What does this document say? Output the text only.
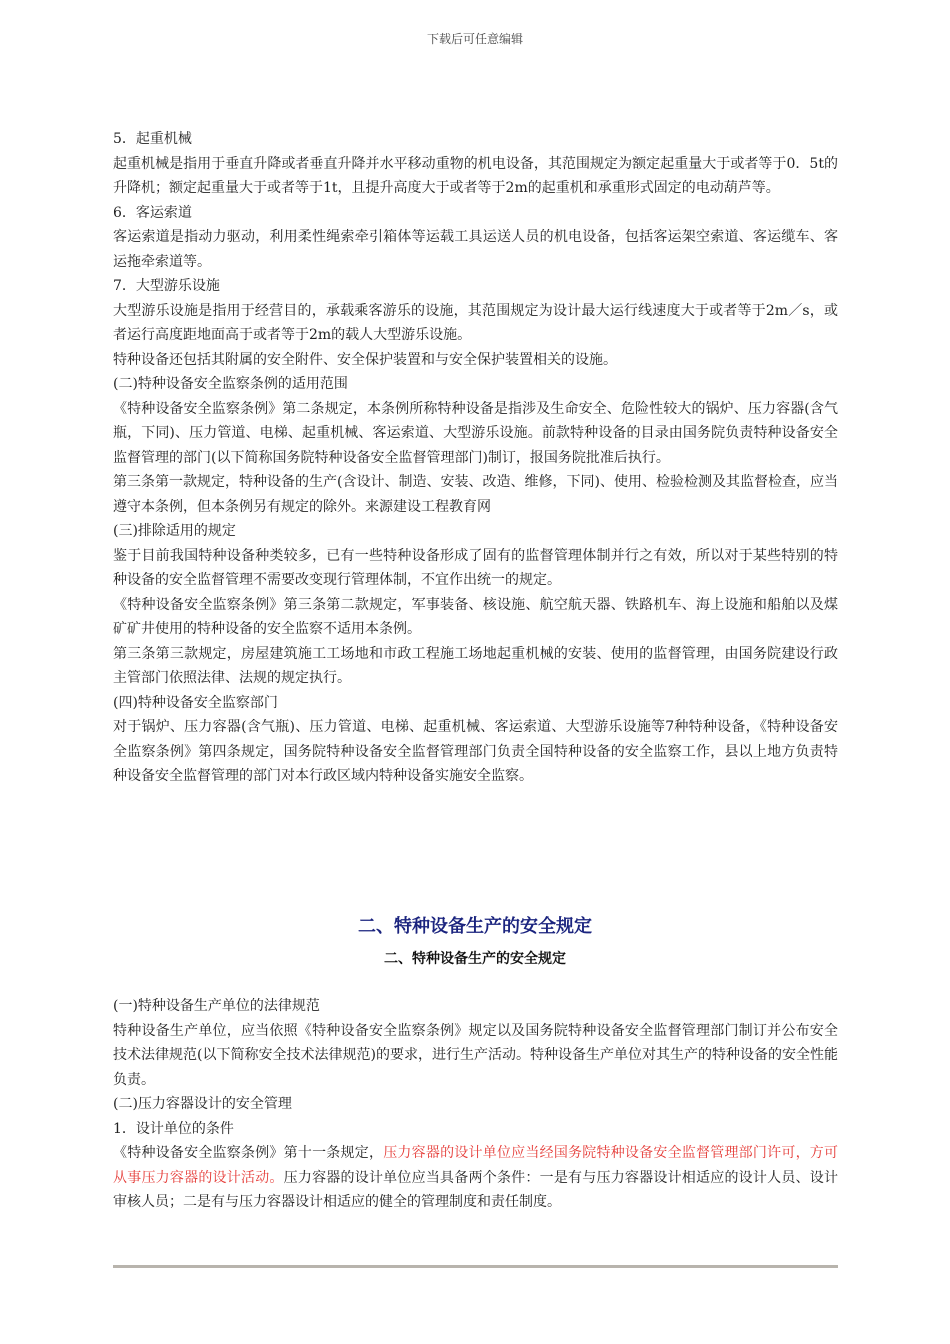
下载后可任意编辑

5．起重机械

起重机械是指用于垂直升降或者垂直升降并水平移动重物的机电设备，其范围规定为额定起重量大于或者等于0．5t的升降机；额定起重量大于或者等于1t，且提升高度大于或者等于2m的起重机和承重形式固定的电动葫芦等。

6．客运索道

客运索道是指动力驱动，利用柔性绳索牵引箱体等运载工具运送人员的机电设备，包括客运架空索道、客运缆车、客运拖牵索道等。

7．大型游乐设施

大型游乐设施是指用于经营目的，承载乘客游乐的设施，其范围规定为设计最大运行线速度大于或者等于2m／s，或者运行高度距地面高于或者等于2m的载人大型游乐设施。

特种设备还包括其附属的安全附件、安全保护装置和与安全保护装置相关的设施。

(二)特种设备安全监察条例的适用范围

《特种设备安全监察条例》第二条规定，本条例所称特种设备是指涉及生命安全、危险性较大的锅炉、压力容器(含气瓶，下同)、压力管道、电梯、起重机械、客运索道、大型游乐设施。前款特种设备的目录由国务院负责特种设备安全监督管理的部门(以下简称国务院特种设备安全监督管理部门)制订，报国务院批准后执行。

第三条第一款规定，特种设备的生产(含设计、制造、安装、改造、维修，下同)、使用、检验检测及其监督检查，应当遵守本条例，但本条例另有规定的除外。来源建设工程教育网

(三)排除适用的规定

鉴于目前我国特种设备种类较多，已有一些特种设备形成了固有的监督管理体制并行之有效，所以对于某些特别的特种设备的安全监督管理不需要改变现行管理体制，不宜作出统一的规定。

《特种设备安全监察条例》第三条第二款规定，军事装备、核设施、航空航天器、铁路机车、海上设施和船舶以及煤矿矿井使用的特种设备的安全监察不适用本条例。

第三条第三款规定，房屋建筑施工工场地和市政工程施工场地起重机械的安装、使用的监督管理，由国务院建设行政主管部门依照法律、法规的规定执行。

(四)特种设备安全监察部门

对于锅炉、压力容器(含气瓶)、压力管道、电梯、起重机械、客运索道、大型游乐设施等7种特种设备，《特种设备安全监察条例》第四条规定，国务院特种设备安全监督管理部门负责全国特种设备的安全监察工作，县以上地方负责特种设备安全监督管理的部门对本行政区域内特种设备实施安全监察。

二、特种设备生产的安全规定
二、特种设备生产的安全规定

(一)特种设备生产单位的法律规范

特种设备生产单位，应当依照《特种设备安全监察条例》规定以及国务院特种设备安全监督管理部门制订并公布安全技术法律规范(以下简称安全技术法律规范)的要求，进行生产活动。特种设备生产单位对其生产的特种设备的安全性能负责。

(二)压力容器设计的安全管理

1．设计单位的条件

《特种设备安全监察条例》第十一条规定，压力容器的设计单位应当经国务院特种设备安全监督管理部门许可，方可从事压力容器的设计活动。压力容器的设计单位应当具备两个条件：一是有与压力容器设计相适应的设计人员、设计审核人员；二是有与压力容器设计相适应的健全的管理制度和责任制度。
